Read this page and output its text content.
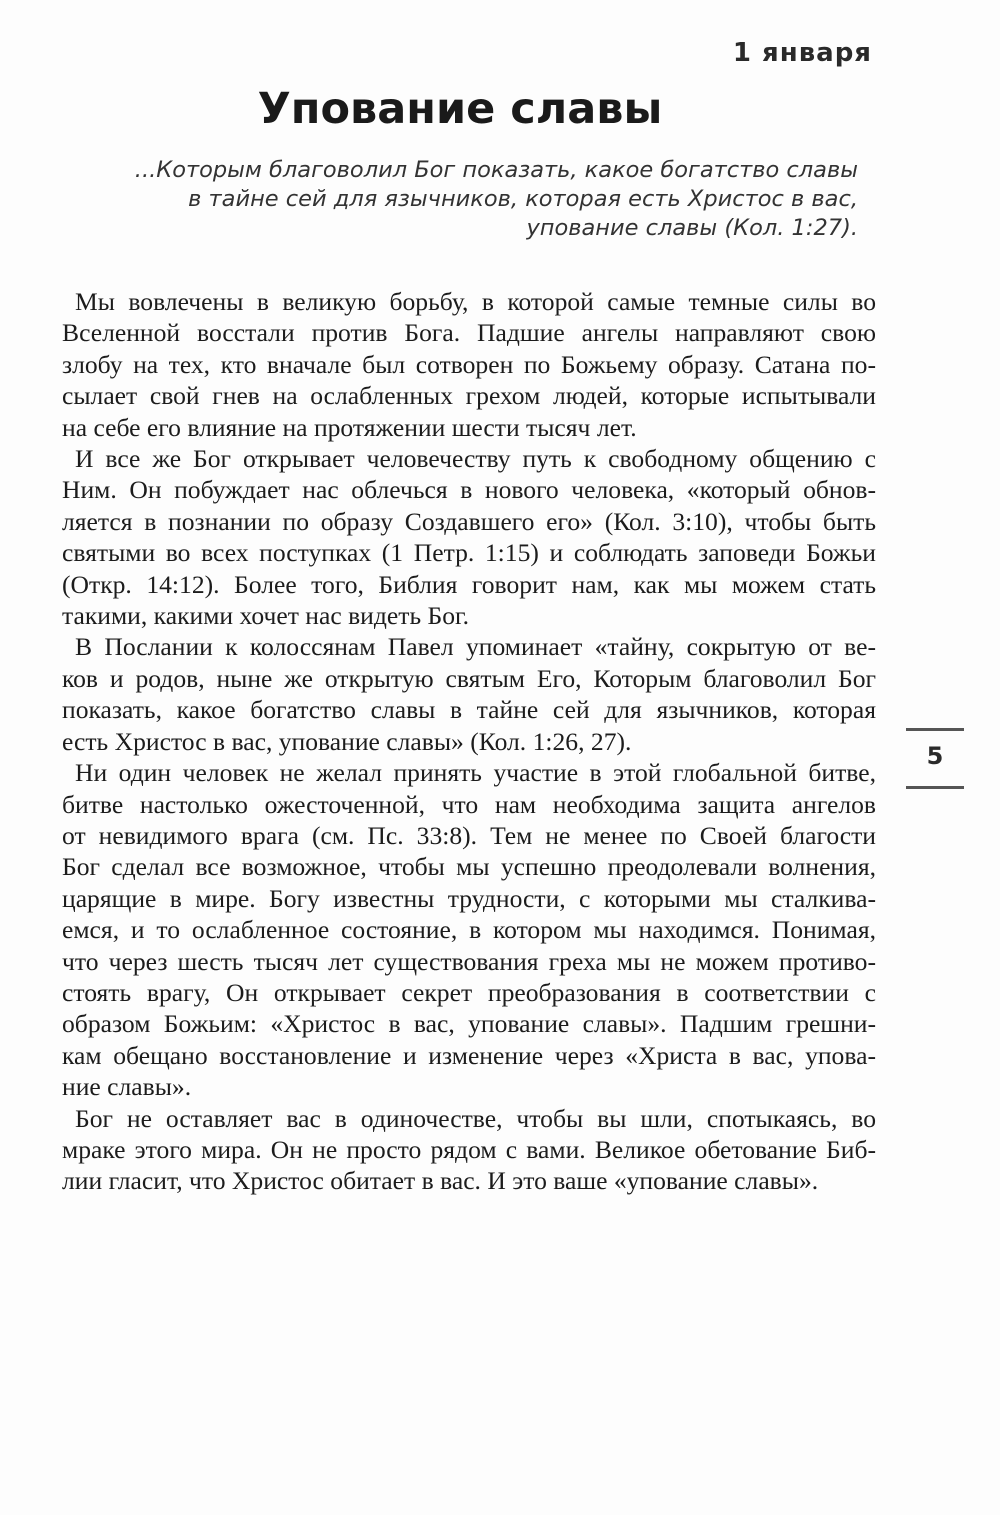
1 января
Упование славы
...Которым благоволил Бог показать, какое богатство славы
в тайне сей для язычников, которая есть Христос в вас,
упование славы (Кол. 1:27).

Мы вовлечены в великую борьбу, в которой самые темные силы во
Вселенной восстали против Бога. Падшие ангелы направляют свою
злобу на тех, кто вначале был сотворен по Божьему образу. Сатана по-
сылает свой гнев на ослабленных грехом людей, которые испытывали
на себе его влияние на протяжении шести тысяч лет.

И все же Бог открывает человечеству путь к свободному общению с
Ним. Он побуждает нас облечься в нового человека, «который обнов-
ляется в познании по образу Создавшего его» (Кол. 3:10), чтобы быть
святыми во всех поступках (1 Петр. 1:15) и соблюдать заповеди Божьи
(Откр. 14:12). Более того, Библия говорит нам, как мы можем стать
такими, какими хочет нас видеть Бог.

В Послании к колоссянам Павел упоминает «тайну, сокрытую от ве-
ков и родов, ныне же открытую святым Его, Которым благоволил Бог
показать, какое богатство славы в тайне сей для язычников, которая
есть Христос в вас, упование славы» (Кол. 1:26, 27).

Ни один человек не желал принять участие в этой глобальной битве,
битве настолько ожесточенной, что нам необходима защита ангелов
от невидимого врага (см. Пс. 33:8). Тем не менее по Своей благости
Бог сделал все возможное, чтобы мы успешно преодолевали волнения,
царящие в мире. Богу известны трудности, с которыми мы сталкива-
емся, и то ослабленное состояние, в котором мы находимся. Понимая,
что через шесть тысяч лет существования греха мы не можем противо-
стоять врагу, Он открывает секрет преобразования в соответствии с
образом Божьим: «Христос в вас, упование славы». Падшим грешни-
кам обещано восстановление и изменение через «Христа в вас, упова-
ние славы».

Бог не оставляет вас в одиночестве, чтобы вы шли, спотыкаясь, во
мраке этого мира. Он не просто рядом с вами. Великое обетование Биб-
лии гласит, что Христос обитает в вас. И это ваше «упование славы».

5
